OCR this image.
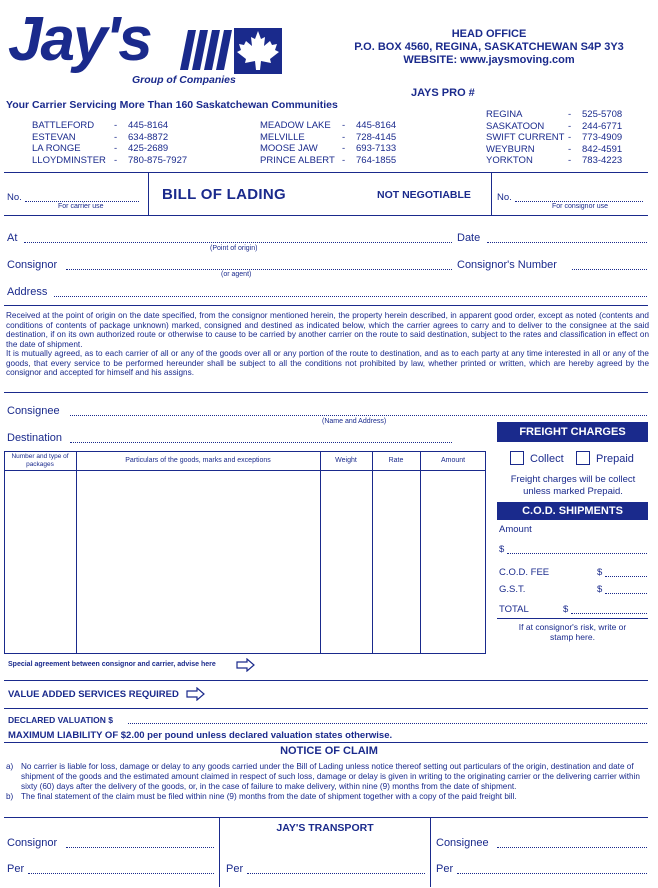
Jay's
Group of Companies
HEAD OFFICE
P.O. BOX 4560, REGINA, SASKATCHEWAN S4P 3Y3
WEBSITE: www.jaysmoving.com
JAYS PRO #
Your Carrier Servicing More Than 160 Saskatchewan Communities
BATTLEFORD - 445-8164
ESTEVAN	- 634-8872
LA RONGE	- 425-2689
LLOYDMINSTER - 780-875-7927
MEADOW LAKE - 445-8164
MELVILLE	- 728-4145
MOOSE JAW	- 693-7133
PRINCE ALBERT - 764-1855
REGINA	- 525-5708
SASKATOON	- 244-6771
SWIFT CURRENT - 773-4909
WEYBURN	- 842-4591
YORKTON	- 783-4223
No.
For carrier use
BILL OF LADING	NOT NEGOTIABLE	No.
For consignor use
At
(Point of origin)
Date
Consignor
(or agent)
Consignor's Number
Address
Received at the point of origin on the date specified, from the consignor mentioned herein, the property herein described, in apparent good order, except as noted (contents and conditions of contents of package unknown) marked, consigned and destined as indicated below, which the carrier agrees to carry and to deliver to the consignee at the said destination, if on its own authorized route or otherwise to cause to be carried by another carrier on the route to said destination, subject to the rates and classification in effect on the date of shipment.
It is mutually agreed, as to each carrier of all or any of the goods over all or any portion of the route to destination, and as to each party at any time interested in all or any of the goods, that every service to be performed hereunder shall be subject to all the conditions not prohibited by law, whether printed or written, which are hereby agreed by the consignor and accepted for himself and his assigns.
Consignee
(Name and Address)
Destination
Number and type of packages	Particulars of the goods, marks and exceptions	Weight	Rate	Amount
FREIGHT CHARGES
Collect	Prepaid
Freight charges will be collect unless marked Prepaid.
C.O.D. SHIPMENTS
Amount
$
C.O.D. FEE	$
G.S.T.	$
TOTAL	$
If at consignor's risk, write or stamp here.
Special agreement between consignor and carrier, advise here
VALUE ADDED SERVICES REQUIRED
DECLARED VALUATION $
MAXIMUM LIABILITY OF $2.00 per pound unless declared valuation states otherwise.
NOTICE OF CLAIM
a) No carrier is liable for loss, damage or delay to any goods carried under the Bill of Lading unless notice thereof setting out particulars of the origin, destination and date of shipment of the goods and the estimated amount claimed in respect of such loss, damage or delay is given in writing to the originating carrier or the delivering carrier within sixty (60) days after the delivery of the goods, or, in the case of failure to make delivery, within nine (9) months from the date of shipment.
b) The final statement of the claim must be filed within nine (9) months from the date of shipment together with a copy of the paid freight bill.
Consignor
Per
JAY'S TRANSPORT
Per
Consignee
Per
